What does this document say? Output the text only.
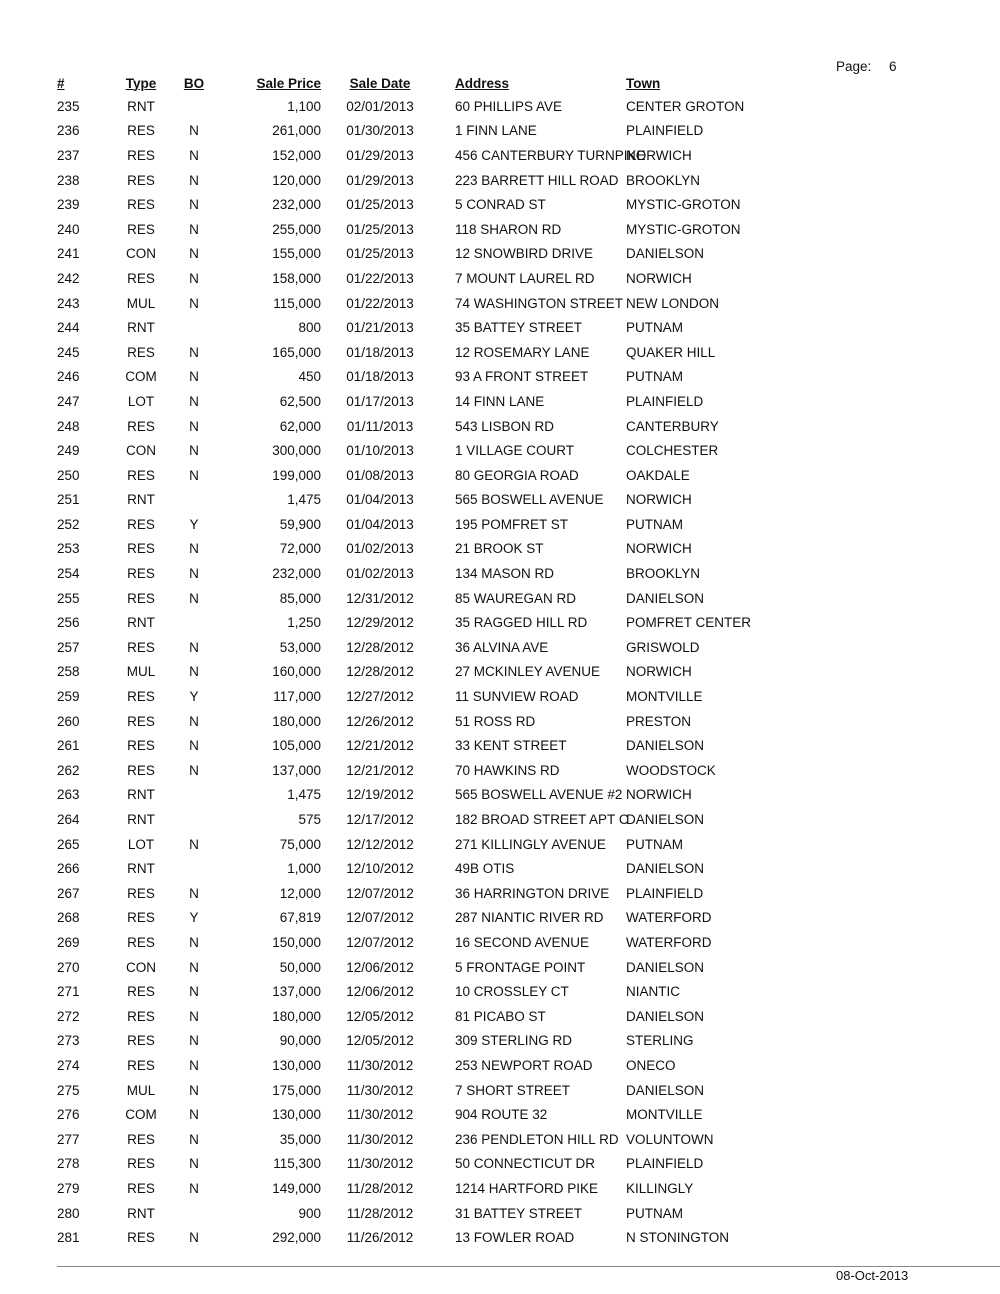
Page: 6
#	Type	BO	Sale Price	Sale Date	Address	Town
235	RNT		1,100	02/01/2013	60 PHILLIPS AVE	CENTER GROTON
236	RES	N	261,000	01/30/2013	1 FINN LANE	PLAINFIELD
237	RES	N	152,000	01/29/2013	456 CANTERBURY TURNPIKE	NORWICH
238	RES	N	120,000	01/29/2013	223 BARRETT HILL ROAD	BROOKLYN
239	RES	N	232,000	01/25/2013	5 CONRAD ST	MYSTIC-GROTON
240	RES	N	255,000	01/25/2013	118 SHARON RD	MYSTIC-GROTON
241	CON	N	155,000	01/25/2013	12 SNOWBIRD DRIVE	DANIELSON
242	RES	N	158,000	01/22/2013	7 MOUNT LAUREL RD	NORWICH
243	MUL	N	115,000	01/22/2013	74 WASHINGTON STREET	NEW LONDON
244	RNT		800	01/21/2013	35 BATTEY STREET	PUTNAM
245	RES	N	165,000	01/18/2013	12 ROSEMARY LANE	QUAKER HILL
246	COM	N	450	01/18/2013	93 A FRONT STREET	PUTNAM
247	LOT	N	62,500	01/17/2013	14 FINN LANE	PLAINFIELD
248	RES	N	62,000	01/11/2013	543 LISBON RD	CANTERBURY
249	CON	N	300,000	01/10/2013	1 VILLAGE COURT	COLCHESTER
250	RES	N	199,000	01/08/2013	80 GEORGIA ROAD	OAKDALE
251	RNT		1,475	01/04/2013	565 BOSWELL AVENUE	NORWICH
252	RES	Y	59,900	01/04/2013	195 POMFRET ST	PUTNAM
253	RES	N	72,000	01/02/2013	21 BROOK ST	NORWICH
254	RES	N	232,000	01/02/2013	134 MASON RD	BROOKLYN
255	RES	N	85,000	12/31/2012	85 WAUREGAN RD	DANIELSON
256	RNT		1,250	12/29/2012	35 RAGGED HILL RD	POMFRET CENTER
257	RES	N	53,000	12/28/2012	36 ALVINA AVE	GRISWOLD
258	MUL	N	160,000	12/28/2012	27 MCKINLEY AVENUE	NORWICH
259	RES	Y	117,000	12/27/2012	11 SUNVIEW ROAD	MONTVILLE
260	RES	N	180,000	12/26/2012	51 ROSS RD	PRESTON
261	RES	N	105,000	12/21/2012	33 KENT STREET	DANIELSON
262	RES	N	137,000	12/21/2012	70 HAWKINS RD	WOODSTOCK
263	RNT		1,475	12/19/2012	565 BOSWELL AVENUE #2	NORWICH
264	RNT		575	12/17/2012	182 BROAD STREET APT C	DANIELSON
265	LOT	N	75,000	12/12/2012	271 KILLINGLY AVENUE	PUTNAM
266	RNT		1,000	12/10/2012	49B OTIS	DANIELSON
267	RES	N	12,000	12/07/2012	36 HARRINGTON DRIVE	PLAINFIELD
268	RES	Y	67,819	12/07/2012	287 NIANTIC RIVER RD	WATERFORD
269	RES	N	150,000	12/07/2012	16 SECOND AVENUE	WATERFORD
270	CON	N	50,000	12/06/2012	5 FRONTAGE POINT	DANIELSON
271	RES	N	137,000	12/06/2012	10 CROSSLEY CT	NIANTIC
272	RES	N	180,000	12/05/2012	81 PICABO ST	DANIELSON
273	RES	N	90,000	12/05/2012	309 STERLING RD	STERLING
274	RES	N	130,000	11/30/2012	253 NEWPORT ROAD	ONECO
275	MUL	N	175,000	11/30/2012	7 SHORT STREET	DANIELSON
276	COM	N	130,000	11/30/2012	904 ROUTE 32	MONTVILLE
277	RES	N	35,000	11/30/2012	236 PENDLETON HILL RD	VOLUNTOWN
278	RES	N	115,300	11/30/2012	50 CONNECTICUT DR	PLAINFIELD
279	RES	N	149,000	11/28/2012	1214 HARTFORD PIKE	KILLINGLY
280	RNT		900	11/28/2012	31 BATTEY STREET	PUTNAM
281	RES	N	292,000	11/26/2012	13 FOWLER ROAD	N STONINGTON
08-Oct-2013
